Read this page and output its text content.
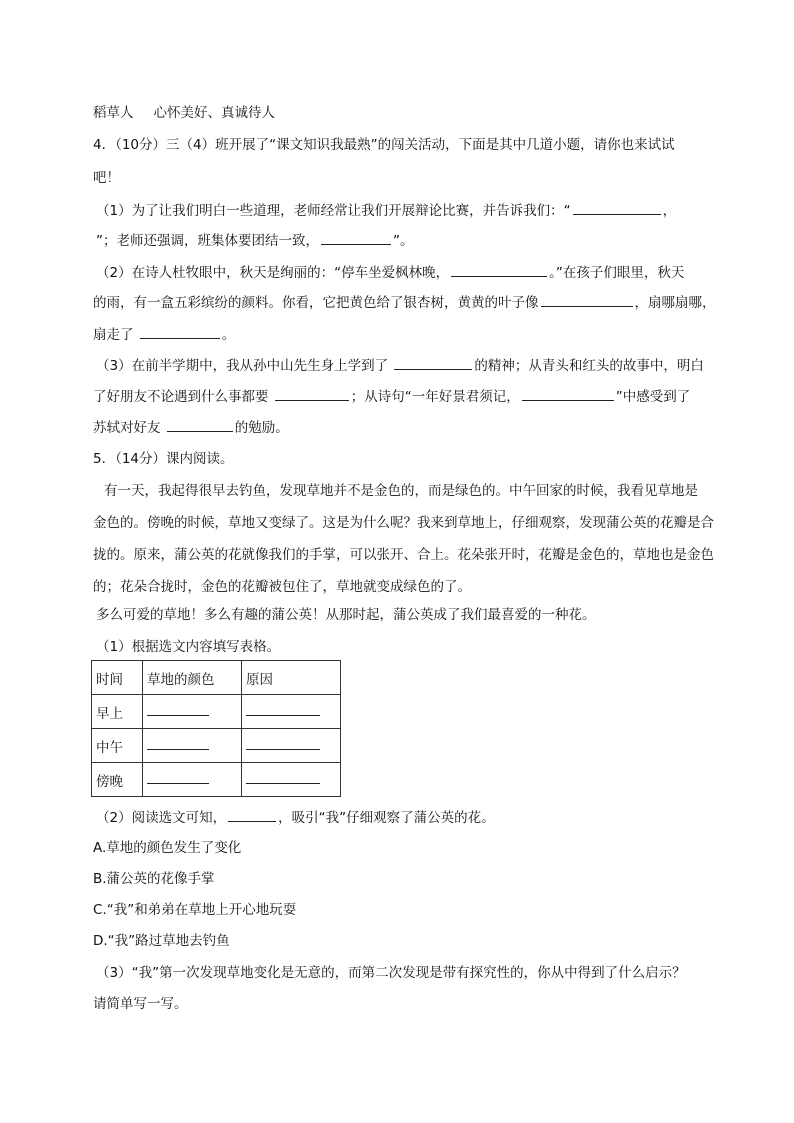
稻草人 心怀美好、真诚待人
4．（10分）三（4）班开展了“课文知识我最熟”的闯关活动，下面是其中几道小题，请你也来试试
吧！
（1）为了让我们明白一些道理，老师经常让我们开展辩论比赛，并告诉我们：“	，
”；老师还强调，班集体要团结一致，	”。
（2）在诗人杜牧眼中，秋天是绚丽的：“停车坐爱枫林晚，	。”在孩子们眼里，秋天
的雨，有一盒五彩缤纷的颜料。你看，它把黄色给了银杏树，黄黄的叶子像	，扇哪扇哪，
扇走了	。
（3）在前半学期中，我从孙中山先生身上学到了	的精神；从青头和红头的故事中，明白
了好朋友不论遇到什么事都要	；从诗句“一年好景君须记，	”中感受到了
苏轼对好友	的勉励。
5．（14分）课内阅读。
有一天，我起得很早去钓鱼，发现草地并不是金色的，而是绿色的。中午回家的时候，我看见草地是
金色的。傍晚的时候，草地又变绿了。这是为什么呢？我来到草地上，仔细观察，发现蒲公英的花瓣是合
拢的。原来，蒲公英的花就像我们的手掌，可以张开、合上。花朵张开时，花瓣是金色的，草地也是金色
的；花朵合拢时，金色的花瓣被包住了，草地就变成绿色的了。
多么可爱的草地！多么有趣的蒲公英！从那时起，蒲公英成了我们最喜爱的一种花。
（1）根据选文内容填写表格。
时间	草地的颜色	原因
早上		
中午		
傍晚		
（2）阅读选文可知，	，吸引“我”仔细观察了蒲公英的花。
A.草地的颜色发生了变化
B.蒲公英的花像手掌
C.“我”和弟弟在草地上开心地玩耍
D.“我”路过草地去钓鱼
（3）“我”第一次发现草地变化是无意的，而第二次发现是带有探究性的，你从中得到了什么启示？
请简单写一写。
